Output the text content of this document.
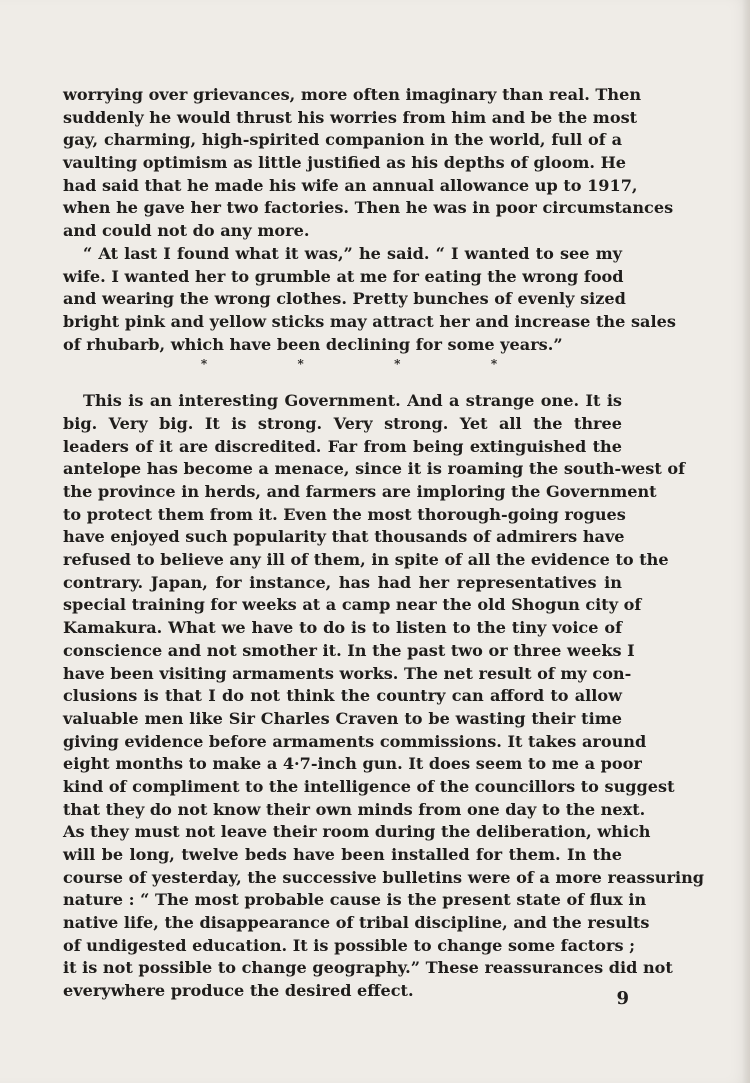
worrying over grievances, more often imaginary than real. Then
suddenly he would thrust his worries from him and be the most
gay, charming, high-spirited companion in the world, full of a
vaulting optimism as little justified as his depths of gloom. He
had said that he made his wife an annual allowance up to 1917,
when he gave her two factories. Then he was in poor circumstances
and could not do any more.
“ At last I found what it was,” he said. “ I wanted to see my
wife. I wanted her to grumble at me for eating the wrong food
and wearing the wrong clothes. Pretty bunches of evenly sized
bright pink and yellow sticks may attract her and increase the sales
of rhubarb, which have been declining for some years.”
This is an interesting Government. And a strange one. It is
big. Very big. It is strong. Very strong. Yet all the three
leaders of it are discredited. Far from being extinguished the
antelope has become a menace, since it is roaming the south-west of
the province in herds, and farmers are imploring the Government
to protect them from it. Even the most thorough-going rogues
have enjoyed such popularity that thousands of admirers have
refused to believe any ill of them, in spite of all the evidence to the
contrary. Japan, for instance, has had her representatives in
special training for weeks at a camp near the old Shogun city of
Kamakura. What we have to do is to listen to the tiny voice of
conscience and not smother it. In the past two or three weeks I
have been visiting armaments works. The net result of my con-
clusions is that I do not think the country can afford to allow
valuable men like Sir Charles Craven to be wasting their time
giving evidence before armaments commissions. It takes around
eight months to make a 4·7-inch gun. It does seem to me a poor
kind of compliment to the intelligence of the councillors to suggest
that they do not know their own minds from one day to the next.
As they must not leave their room during the deliberation, which
will be long, twelve beds have been installed for them. In the
course of yesterday, the successive bulletins were of a more reassuring
nature : “ The most probable cause is the present state of flux in
native life, the disappearance of tribal discipline, and the results
of undigested education. It is possible to change some factors ;
it is not possible to change geography.” These reassurances did not
everywhere produce the desired effect.
*	*	*	*
9
